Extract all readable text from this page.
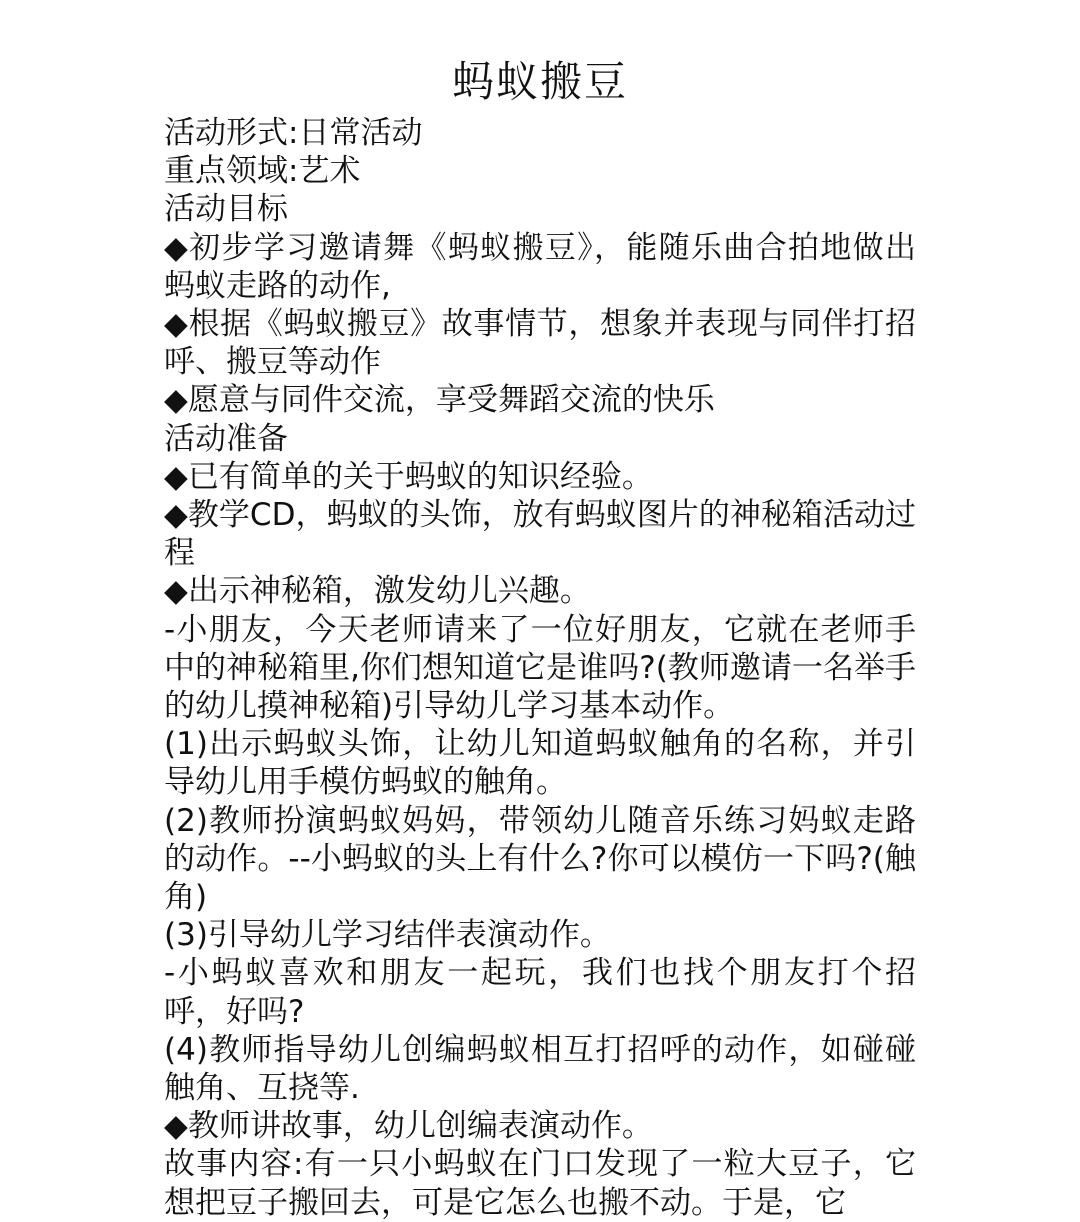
蚂蚁搬豆

活动形式:日常活动

重点领域:艺术

活动目标

◆初步学习邀请舞《蚂蚁搬豆》，能随乐曲合拍地做出蚂蚁走路的动作,

◆根据《蚂蚁搬豆》故事情节，想象并表现与同伴打招呼、搬豆等动作

◆愿意与同件交流，享受舞蹈交流的快乐

活动准备

◆已有简单的关于蚂蚁的知识经验。

◆教学CD，蚂蚁的头饰，放有蚂蚁图片的神秘箱活动过程

◆出示神秘箱，激发幼儿兴趣。

-小朋友，今天老师请来了一位好朋友，它就在老师手中的神秘箱里,你们想知道它是谁吗?(教师邀请一名举手的幼儿摸神秘箱)引导幼儿学习基本动作。

(1)出示蚂蚁头饰，让幼儿知道蚂蚁触角的名称，并引导幼儿用手模仿蚂蚁的触角。

(2)教师扮演蚂蚁妈妈，带领幼儿随音乐练习妈蚁走路的动作。--小蚂蚁的头上有什么?你可以模仿一下吗?(触角)

(3)引导幼儿学习结伴表演动作。

-小蚂蚁喜欢和朋友一起玩，我们也找个朋友打个招呼，好吗?

(4)教师指导幼儿创编蚂蚁相互打招呼的动作，如碰碰触角、互挠等.

◆教师讲故事，幼儿创编表演动作。

故事内容:有一只小蚂蚁在门口发现了一粒大豆子，它想把豆子搬回去，可是它怎么也搬不动。于是，它
